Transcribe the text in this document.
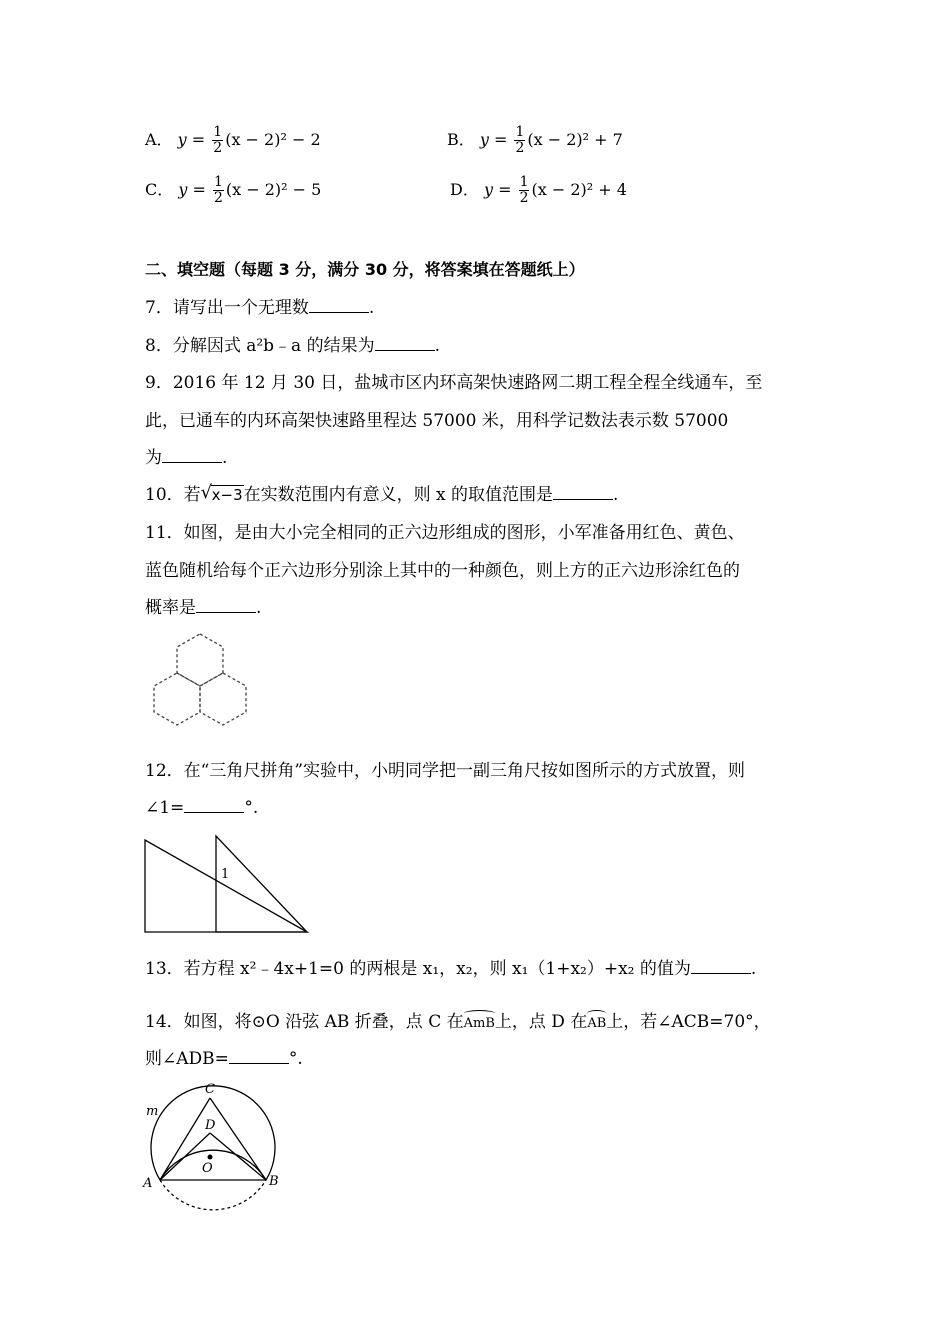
A． $y = \frac{1}{2} (x - 2)^2 - 2$	B． $y = \frac{1}{2} (x - 2)^2 + 7$
C． $y = \frac{1}{2} (x - 2)^2 - 5$	D． $y = \frac{1}{2} (x - 2)^2 + 4$
二、填空题（每题 3 分，满分 30 分，将答案填在答题纸上）
7．请写出一个无理数	.
8．分解因式 a²b﹣a 的结果为	.
9．2016 年 12 月 30 日，盐城市区内环高架快速路网二期工程全程全线通车，至
此，已通车的内环高架快速路里程达 57000 米，用科学记数法表示数 57000
为	.
10．若 √ x−3在实数范围内有意义，则 x 的取值范围是	.
11．如图，是由大小完全相同的正六边形组成的图形，小军准备用红色、黄色、
蓝色随机给每个正六边形分别涂上其中的一种颜色，则上方的正六边形涂红色的
概率是	.
12．在“三角尺拼角”实验中，小明同学把一副三角尺按如图所示的方式放置，则
∠1=	°.
1
13．若方程 x²﹣4x+1=0 的两根是 x₁，x₂，则 x₁（1+x₂）+x₂ 的值为	.
14．如图，将⊙O 沿弦 AB 折叠，点 C 在AmB上，点 D 在AB上，若∠ACB=70°，
则∠ADB=	°.
C
m
D
O
A	B
